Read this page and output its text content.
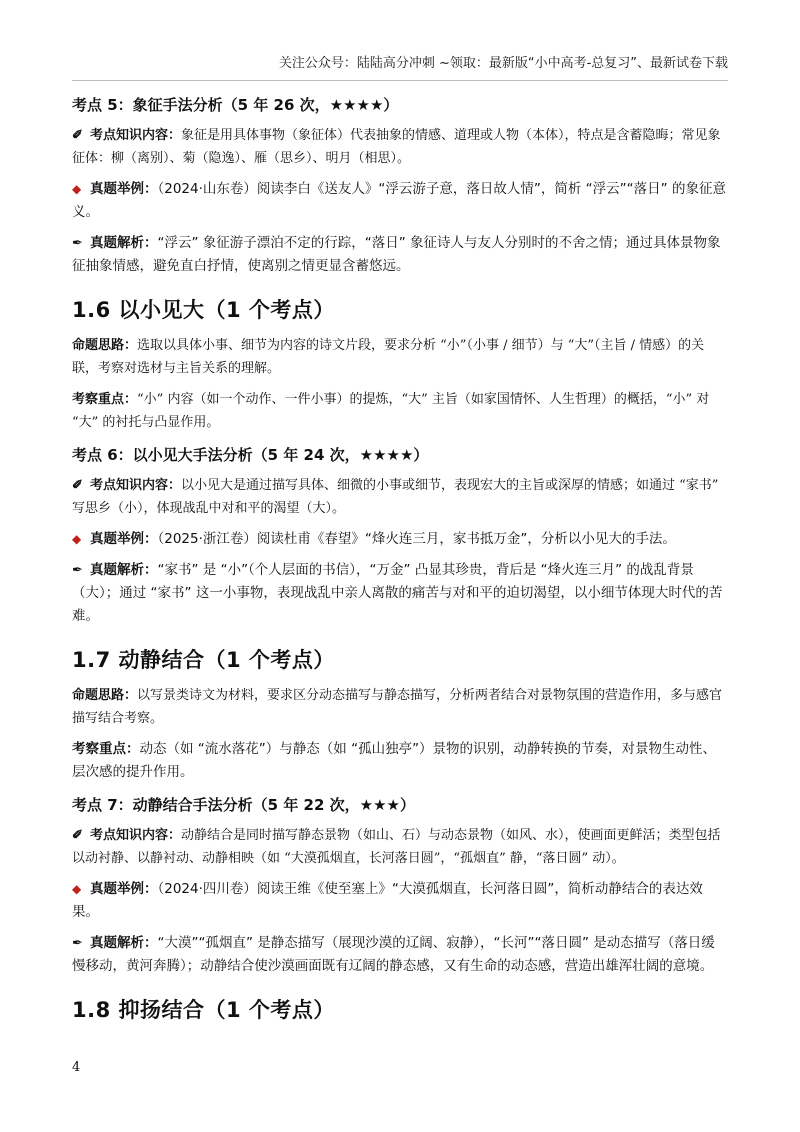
关注公众号：陆陆高分冲刺 ~领取：最新版“小中高考-总复习”、最新试卷下载

考点 5：象征手法分析（5 年 26 次，★★★★）

✐ 考点知识内容：象征是用具体事物（象征体）代表抽象的情感、道理或人物（本体），特点是含蓄隐晦；常见象征体：柳（离别）、菊（隐逸）、雁（思乡）、明月（相思）。

◆ 真题举例：（2024·山东卷）阅读李白《送友人》“浮云游子意，落日故人情”，简析 “浮云”“落日” 的象征意义。

✒ 真题解析：“浮云” 象征游子漂泊不定的行踪，“落日” 象征诗人与友人分别时的不舍之情；通过具体景物象征抽象情感，避免直白抒情，使离别之情更显含蓄悠远。

1.6 以小见大（1 个考点）

命题思路：选取以具体小事、细节为内容的诗文片段，要求分析 “小”（小事 / 细节）与 “大”（主旨 / 情感）的关联，考察对选材与主旨关系的理解。

考察重点：“小” 内容（如一个动作、一件小事）的提炼，“大” 主旨（如家国情怀、人生哲理）的概括，“小” 对 “大” 的衬托与凸显作用。

考点 6：以小见大手法分析（5 年 24 次，★★★★）

✐ 考点知识内容：以小见大是通过描写具体、细微的小事或细节，表现宏大的主旨或深厚的情感；如通过 “家书” 写思乡（小），体现战乱中对和平的渴望（大）。

◆ 真题举例：（2025·浙江卷）阅读杜甫《春望》“烽火连三月，家书抵万金”，分析以小见大的手法。

✒ 真题解析：“家书” 是 “小”（个人层面的书信），“万金” 凸显其珍贵，背后是 “烽火连三月” 的战乱背景（大）；通过 “家书” 这一小事物，表现战乱中亲人离散的痛苦与对和平的迫切渴望，以小细节体现大时代的苦难。

1.7 动静结合（1 个考点）

命题思路：以写景类诗文为材料，要求区分动态描写与静态描写，分析两者结合对景物氛围的营造作用，多与感官描写结合考察。

考察重点：动态（如 “流水落花”）与静态（如 “孤山独亭”）景物的识别，动静转换的节奏，对景物生动性、层次感的提升作用。

考点 7：动静结合手法分析（5 年 22 次，★★★）

✐ 考点知识内容：动静结合是同时描写静态景物（如山、石）与动态景物（如风、水），使画面更鲜活；类型包括以动衬静、以静衬动、动静相映（如 “大漠孤烟直，长河落日圆”，“孤烟直” 静，“落日圆” 动）。

◆ 真题举例：（2024·四川卷）阅读王维《使至塞上》“大漠孤烟直，长河落日圆”，简析动静结合的表达效果。

✒ 真题解析：“大漠”“孤烟直” 是静态描写（展现沙漠的辽阔、寂静），“长河”“落日圆” 是动态描写（落日缓慢移动，黄河奔腾）；动静结合使沙漠画面既有辽阔的静态感，又有生命的动态感，营造出雄浑壮阔的意境。

1.8 抑扬结合（1 个考点）

4
